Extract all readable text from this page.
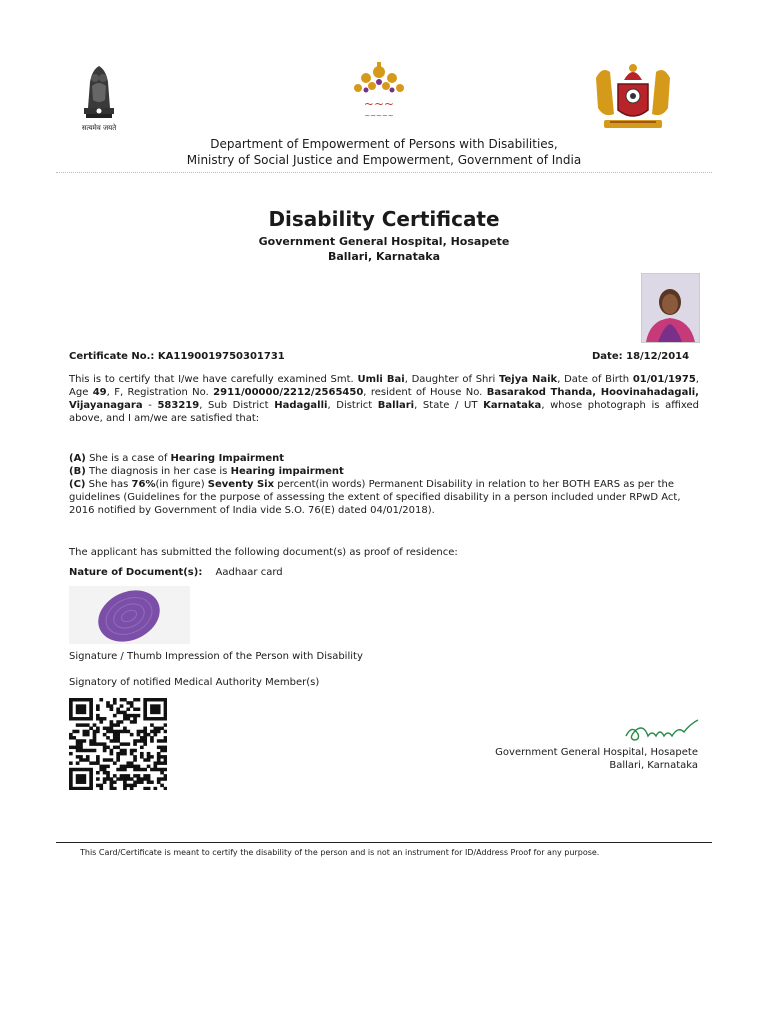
सत्यमेव जयते
~~~
~~~~~
Department of Empowerment of Persons with Disabilities,
Ministry of Social Justice and Empowerment, Government of India
Disability Certificate
Government General Hospital, Hosapete
Ballari, Karnataka
Certificate No.: KA1190019750301731	Date: 18/12/2014
This is to certify that I/we have carefully examined Smt. Umli Bai, Daughter of Shri Tejya Naik, Date of Birth 01/01/1975, Age 49, F, Registration No. 2911/00000/2212/2565450, resident of House No. Basarakod Thanda, Hoovinahadagali, Vijayanagara - 583219, Sub District Hadagalli, District Ballari, State / UT Karnataka, whose photograph is affixed above, and I am/we are satisfied that:
(A) She is a case of Hearing Impairment
(B) The diagnosis in her case is Hearing impairment
(C) She has 76%(in figure) Seventy Six percent(in words) Permanent Disability in relation to her BOTH EARS as per the guidelines (Guidelines for the purpose of assessing the extent of specified disability in a person included under RPwD Act, 2016 notified by Government of India vide S.O. 76(E) dated 04/01/2018).
The applicant has submitted the following document(s) as proof of residence:
Nature of Document(s): Aadhaar card
Signature / Thumb Impression of the Person with Disability
Signatory of notified Medical Authority Member(s)
Government General Hospital, Hosapete
Ballari, Karnataka
This Card/Certificate is meant to certify the disability of the person and is not an instrument for ID/Address Proof for any purpose.
